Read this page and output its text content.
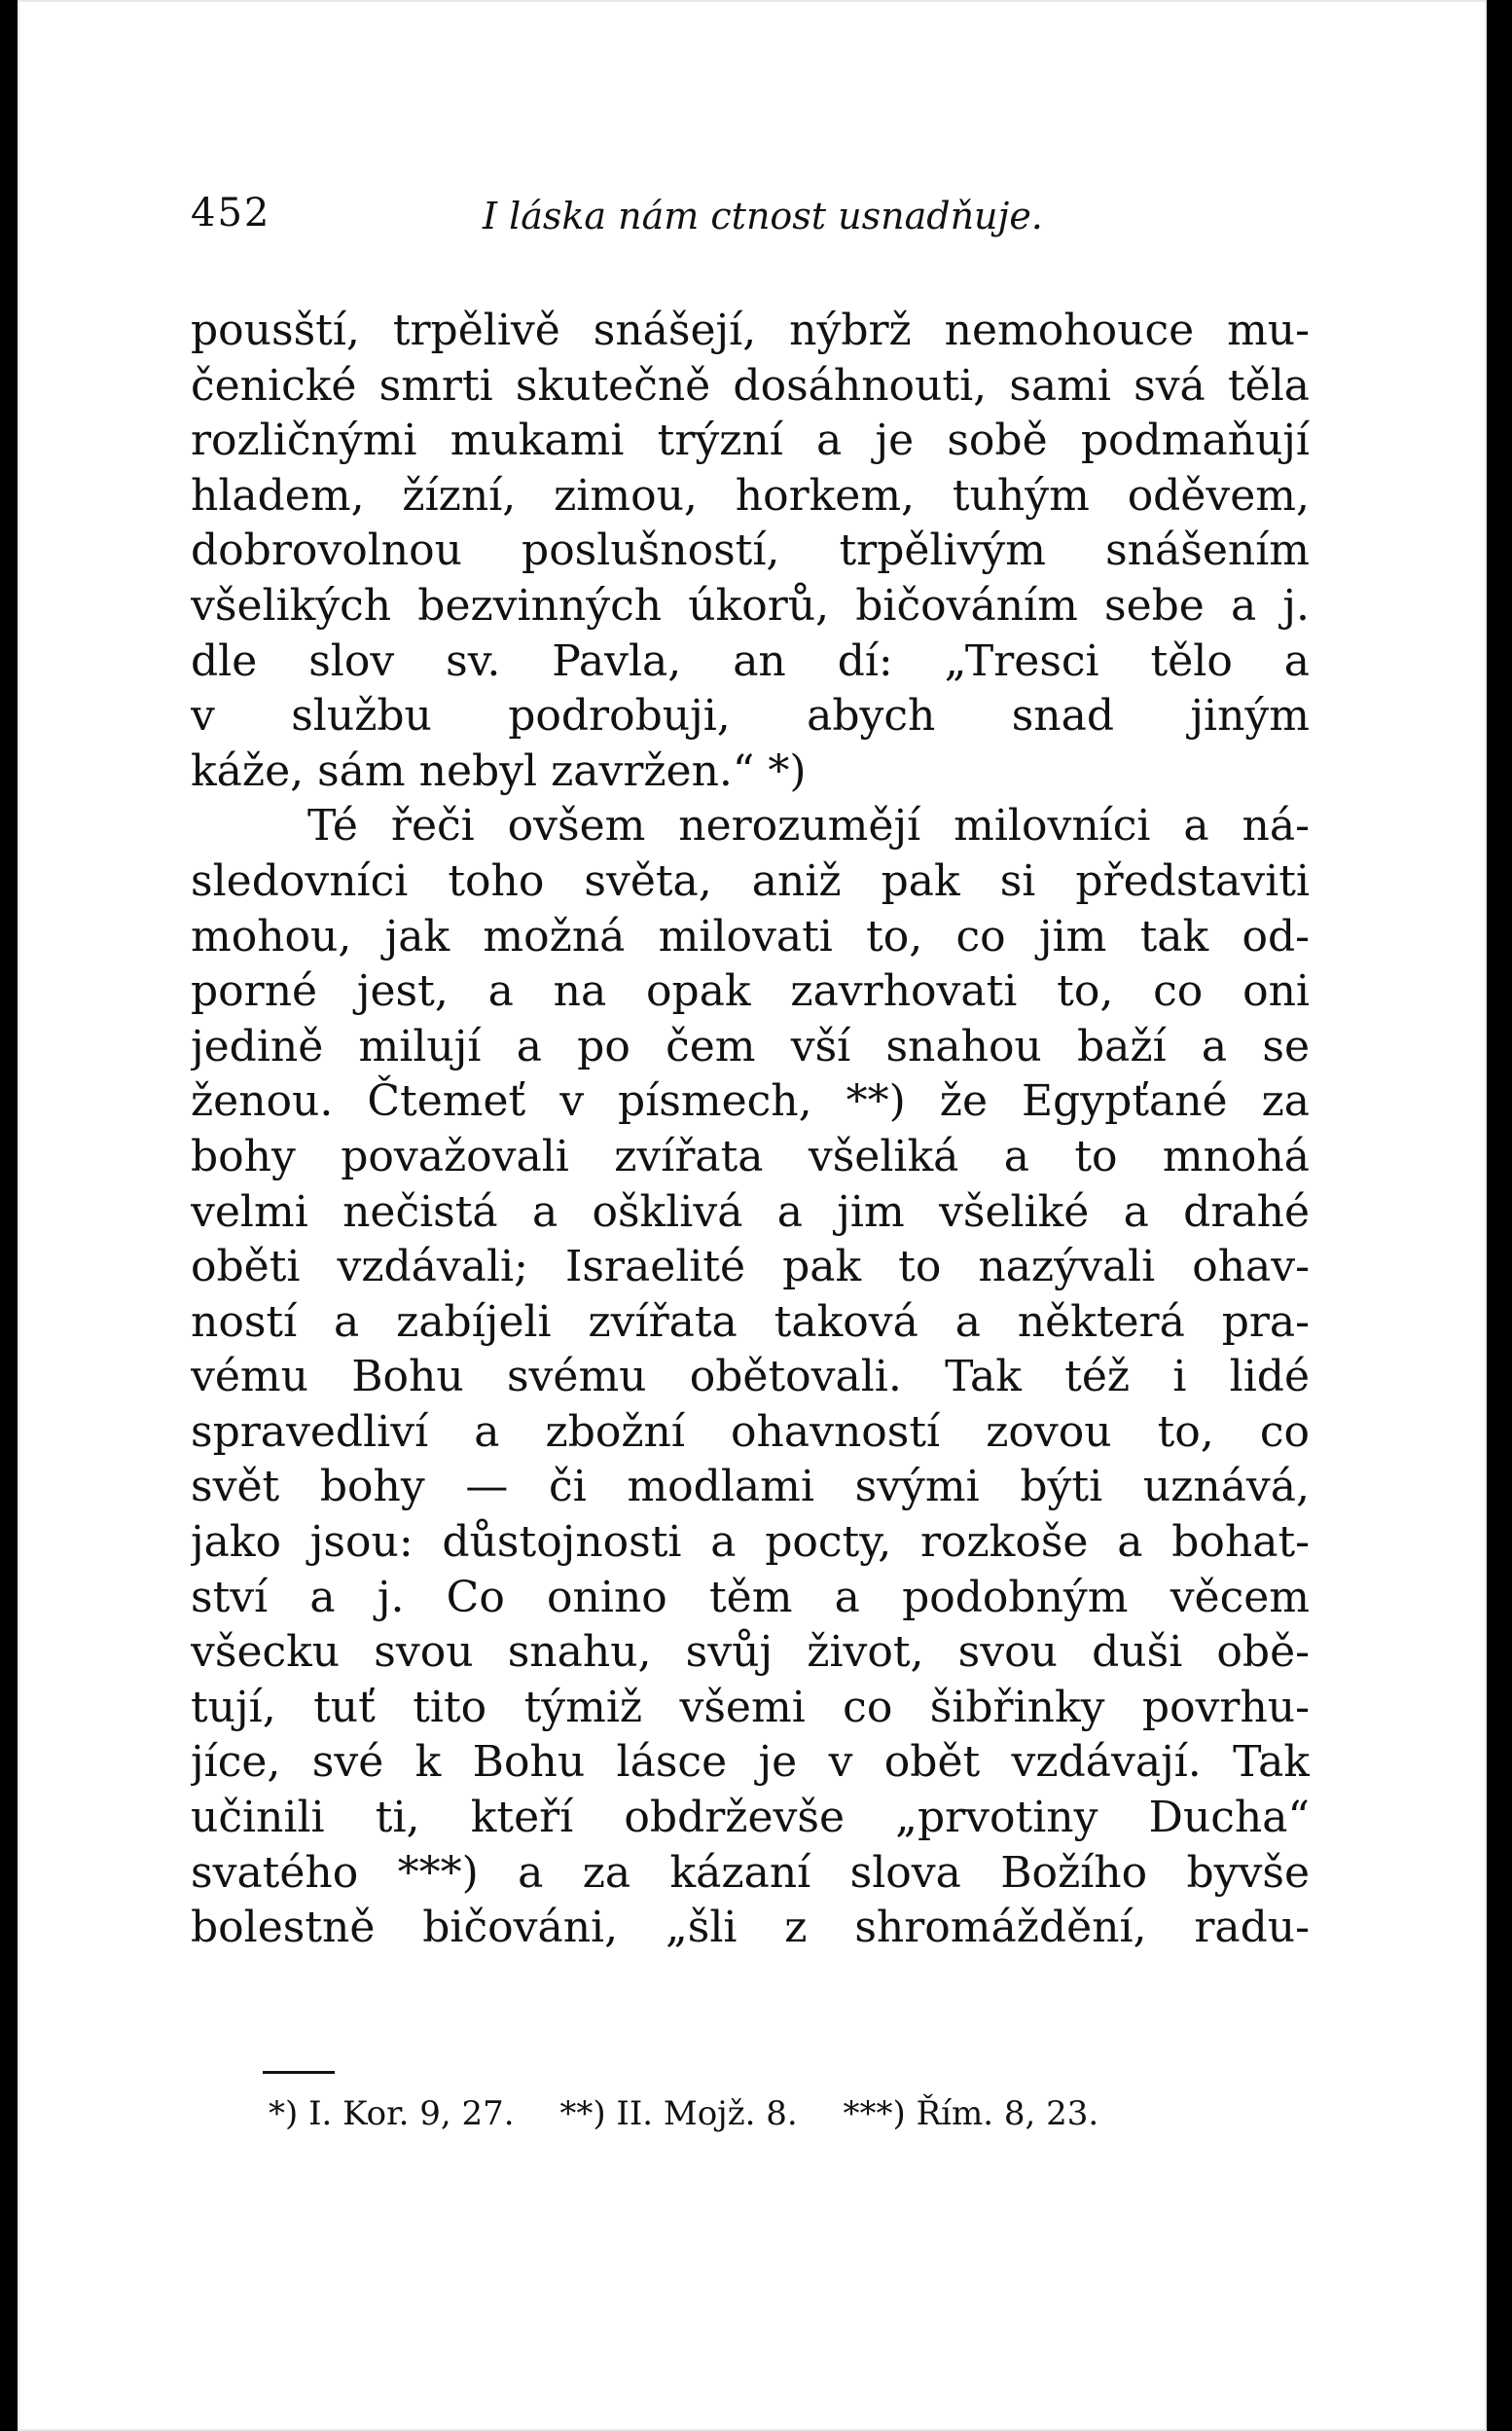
452	I láska nám ctnost usnadňuje.
pousští, trpělivě snášejí, nýbrž nemohouce mu-
čenické smrti skutečně dosáhnouti, sami svá těla
rozličnými mukami trýzní a je sobě podmaňují
hladem, žízní, zimou, horkem, tuhým oděvem,
dobrovolnou poslušností, trpělivým snášením
všelikých bezvinných úkorů, bičováním sebe a j.
dle slov sv. Pavla, an dí: „Tresci tělo a
v službu podrobuji, abych snad jiným
káže, sám nebyl zavržen.“ *)
Té řeči ovšem nerozumějí milovníci a ná-
sledovníci toho světa, aniž pak si představiti
mohou, jak možná milovati to, co jim tak od-
porné jest, a na opak zavrhovati to, co oni
jedině milují a po čem vší snahou baží a se
ženou. Čtemeť v písmech, **) že Egypťané za
bohy považovali zvířata všeliká a to mnohá
velmi nečistá a ošklivá a jim všeliké a drahé
oběti vzdávali; Israelité pak to nazývali ohav-
ností a zabíjeli zvířata taková a některá pra-
vému Bohu svému obětovali. Tak též i lidé
spravedliví a zbožní ohavností zovou to, co
svět bohy — či modlami svými býti uznává,
jako jsou: důstojnosti a pocty, rozkoše a bohat-
ství a j. Co onino těm a podobným věcem
všecku svou snahu, svůj život, svou duši obě-
tují, tuť tito týmiž všemi co šibřinky povrhu-
jíce, své k Bohu lásce je v obět vzdávají. Tak
učinili ti, kteří obdrževše „prvotiny Ducha“
svatého ***) a za kázaní slova Božího byvše
bolestně bičováni, „šli z shromáždění, radu-
*) I. Kor. 9, 27. **) II. Mojž. 8. ***) Řím. 8, 23.
